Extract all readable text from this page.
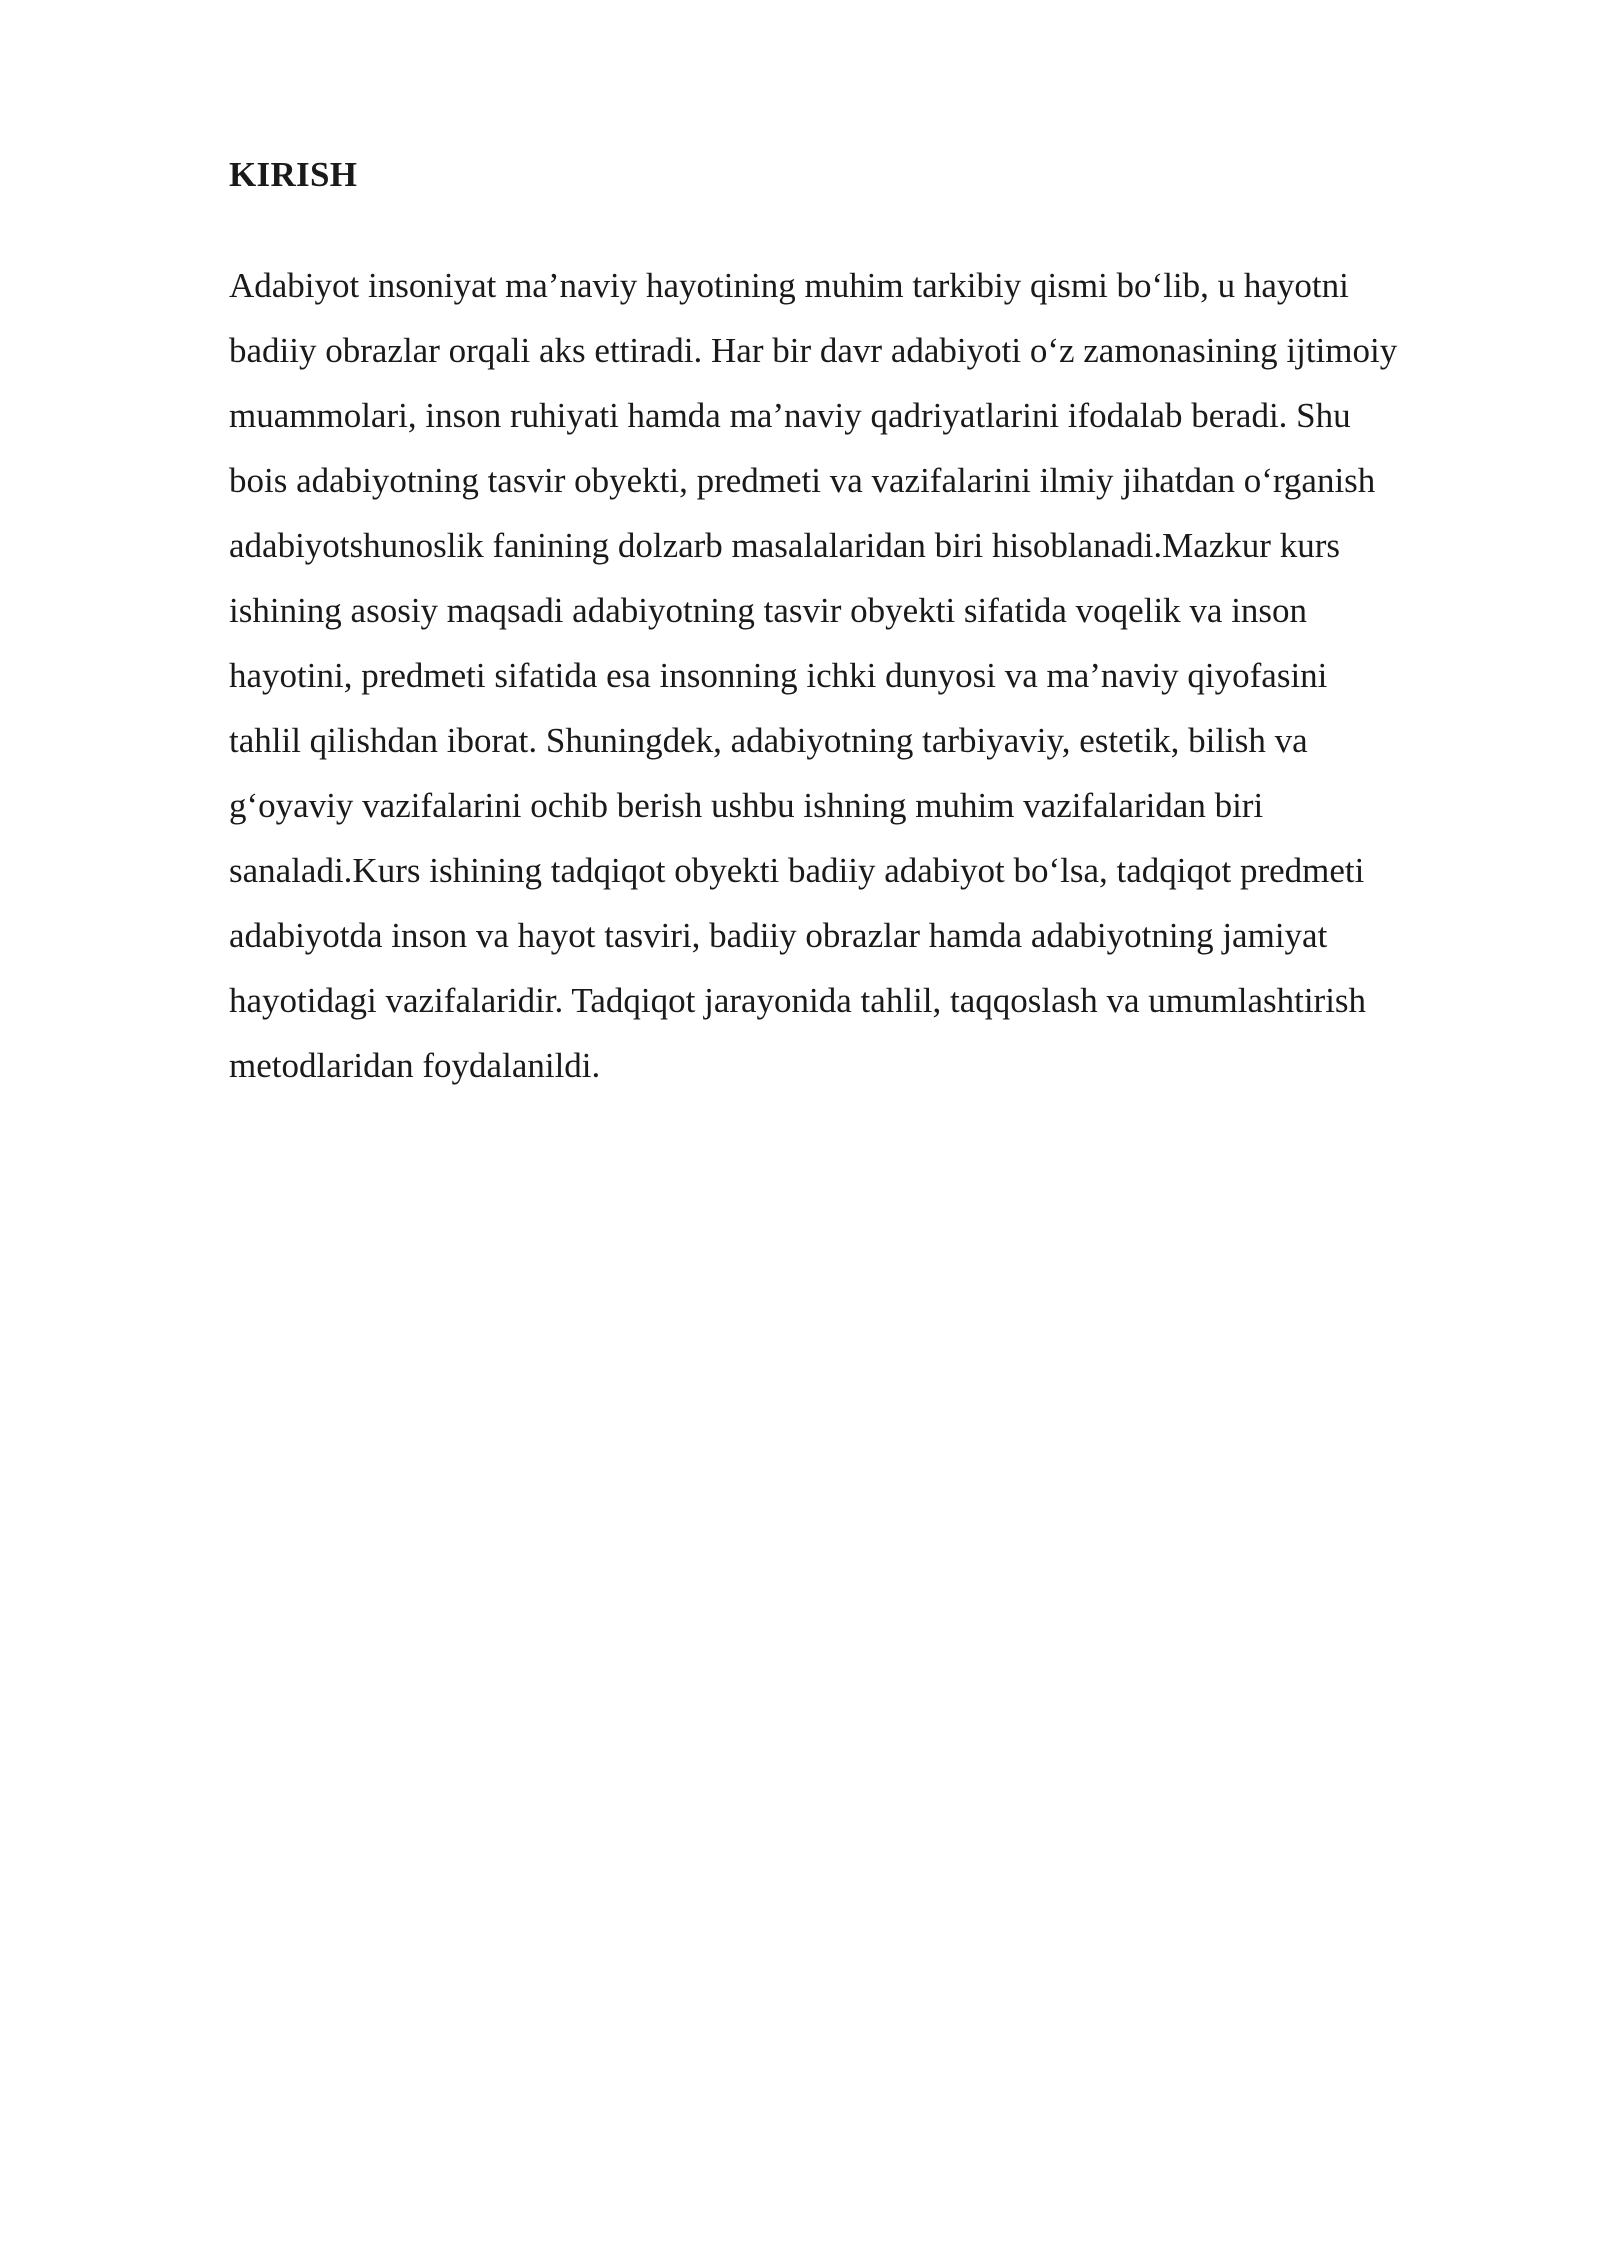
KIRISH

Adabiyot insoniyat ma’naviy hayotining muhim tarkibiy qismi bo‘lib, u hayotni
badiiy obrazlar orqali aks ettiradi. Har bir davr adabiyoti o‘z zamonasining ijtimoiy
muammolari, inson ruhiyati hamda ma’naviy qadriyatlarini ifodalab beradi. Shu
bois adabiyotning tasvir obyekti, predmeti va vazifalarini ilmiy jihatdan o‘rganish
adabiyotshunoslik fanining dolzarb masalalaridan biri hisoblanadi.Mazkur kurs
ishining asosiy maqsadi adabiyotning tasvir obyekti sifatida voqelik va inson
hayotini, predmeti sifatida esa insonning ichki dunyosi va ma’naviy qiyofasini
tahlil qilishdan iborat. Shuningdek, adabiyotning tarbiyaviy, estetik, bilish va
g‘oyaviy vazifalarini ochib berish ushbu ishning muhim vazifalaridan biri
sanaladi.Kurs ishining tadqiqot obyekti badiiy adabiyot bo‘lsa, tadqiqot predmeti
adabiyotda inson va hayot tasviri, badiiy obrazlar hamda adabiyotning jamiyat
hayotidagi vazifalaridir. Tadqiqot jarayonida tahlil, taqqoslash va umumlashtirish
metodlaridan foydalanildi.
